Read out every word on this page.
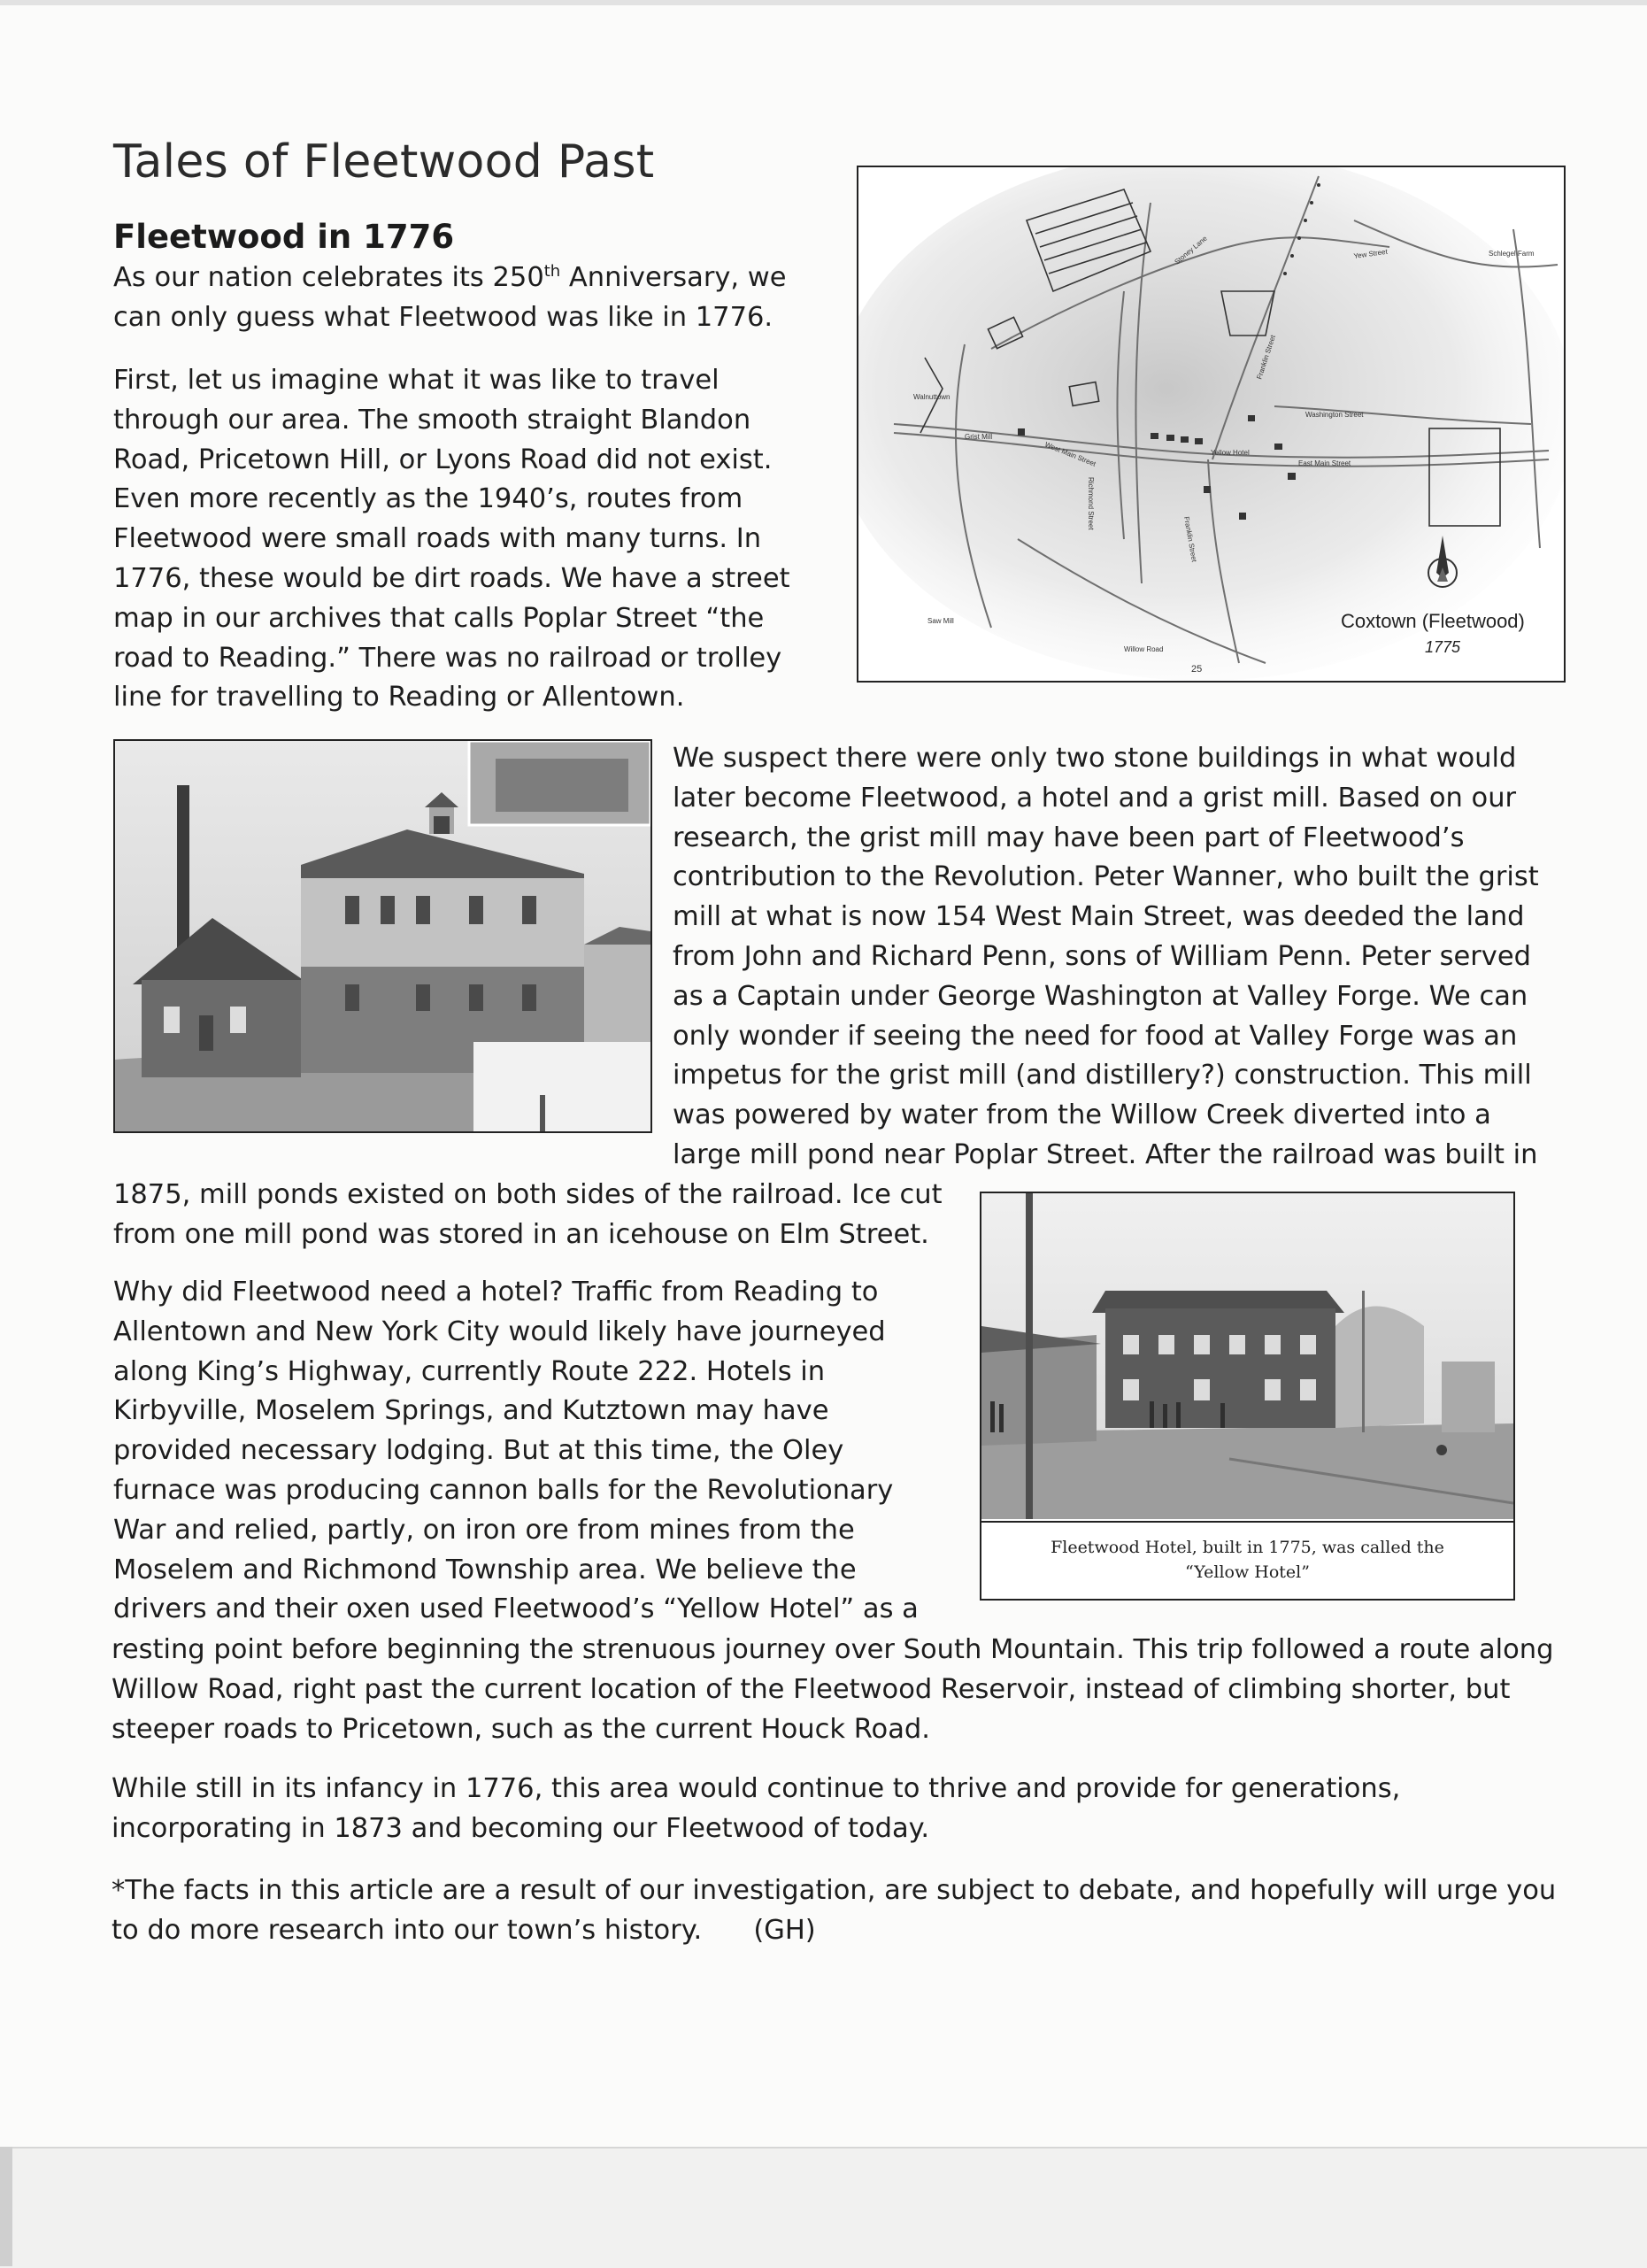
Tales of Fleetwood Past
Fleetwood in 1776

As our nation celebrates its 250th Anniversary, we

can only guess what Fleetwood was like in 1776.

First, let us imagine what it was like to travel

through our area. The smooth straight Blandon

Road, Pricetown Hill, or Lyons Road did not exist.

Even more recently as the 1940’s, routes from

Fleetwood were small roads with many turns. In

1776, these would be dirt roads. We have a street

map in our archives that calls Poplar Street “the

road to Reading.” There was no railroad or trolley

line for travelling to Reading or Allentown.

Yew Street	Schlegel Farm
Stoney Lane
Franklin Street
Walnuttown
Washington Street
Grist Mill
West Main Street	Yellow Hotel
East Main Street
Richmond Street
Franklin Street
Saw Mill
Willow Road
25
Coxtown (Fleetwood)
1775

We suspect there were only two stone buildings in what would

later become Fleetwood, a hotel and a grist mill. Based on our

research, the grist mill may have been part of Fleetwood’s

contribution to the Revolution. Peter Wanner, who built the grist

mill at what is now 154 West Main Street, was deeded the land

from John and Richard Penn, sons of William Penn. Peter served

as a Captain under George Washington at Valley Forge. We can

only wonder if seeing the need for food at Valley Forge was an

impetus for the grist mill (and distillery?) construction. This mill

was powered by water from the Willow Creek diverted into a

large mill pond near Poplar Street. After the railroad was built in

1875, mill ponds existed on both sides of the railroad. Ice cut

from one mill pond was stored in an icehouse on Elm Street.

Fleetwood Hotel, built in 1775, was called the
“Yellow Hotel”

Why did Fleetwood need a hotel? Traffic from Reading to

Allentown and New York City would likely have journeyed

along King’s Highway, currently Route 222. Hotels in

Kirbyville, Moselem Springs, and Kutztown may have

provided necessary lodging. But at this time, the Oley

furnace was producing cannon balls for the Revolutionary

War and relied, partly, on iron ore from mines from the

Moselem and Richmond Township area. We believe the

drivers and their oxen used Fleetwood’s “Yellow Hotel” as a

resting point before beginning the strenuous journey over South Mountain. This trip followed a route along

Willow Road, right past the current location of the Fleetwood Reservoir, instead of climbing shorter, but

steeper roads to Pricetown, such as the current Houck Road.

While still in its infancy in 1776, this area would continue to thrive and provide for generations,

incorporating in 1873 and becoming our Fleetwood of today.

*The facts in this article are a result of our investigation, are subject to debate, and hopefully will urge you

to do more research into our town’s history.      (GH)
